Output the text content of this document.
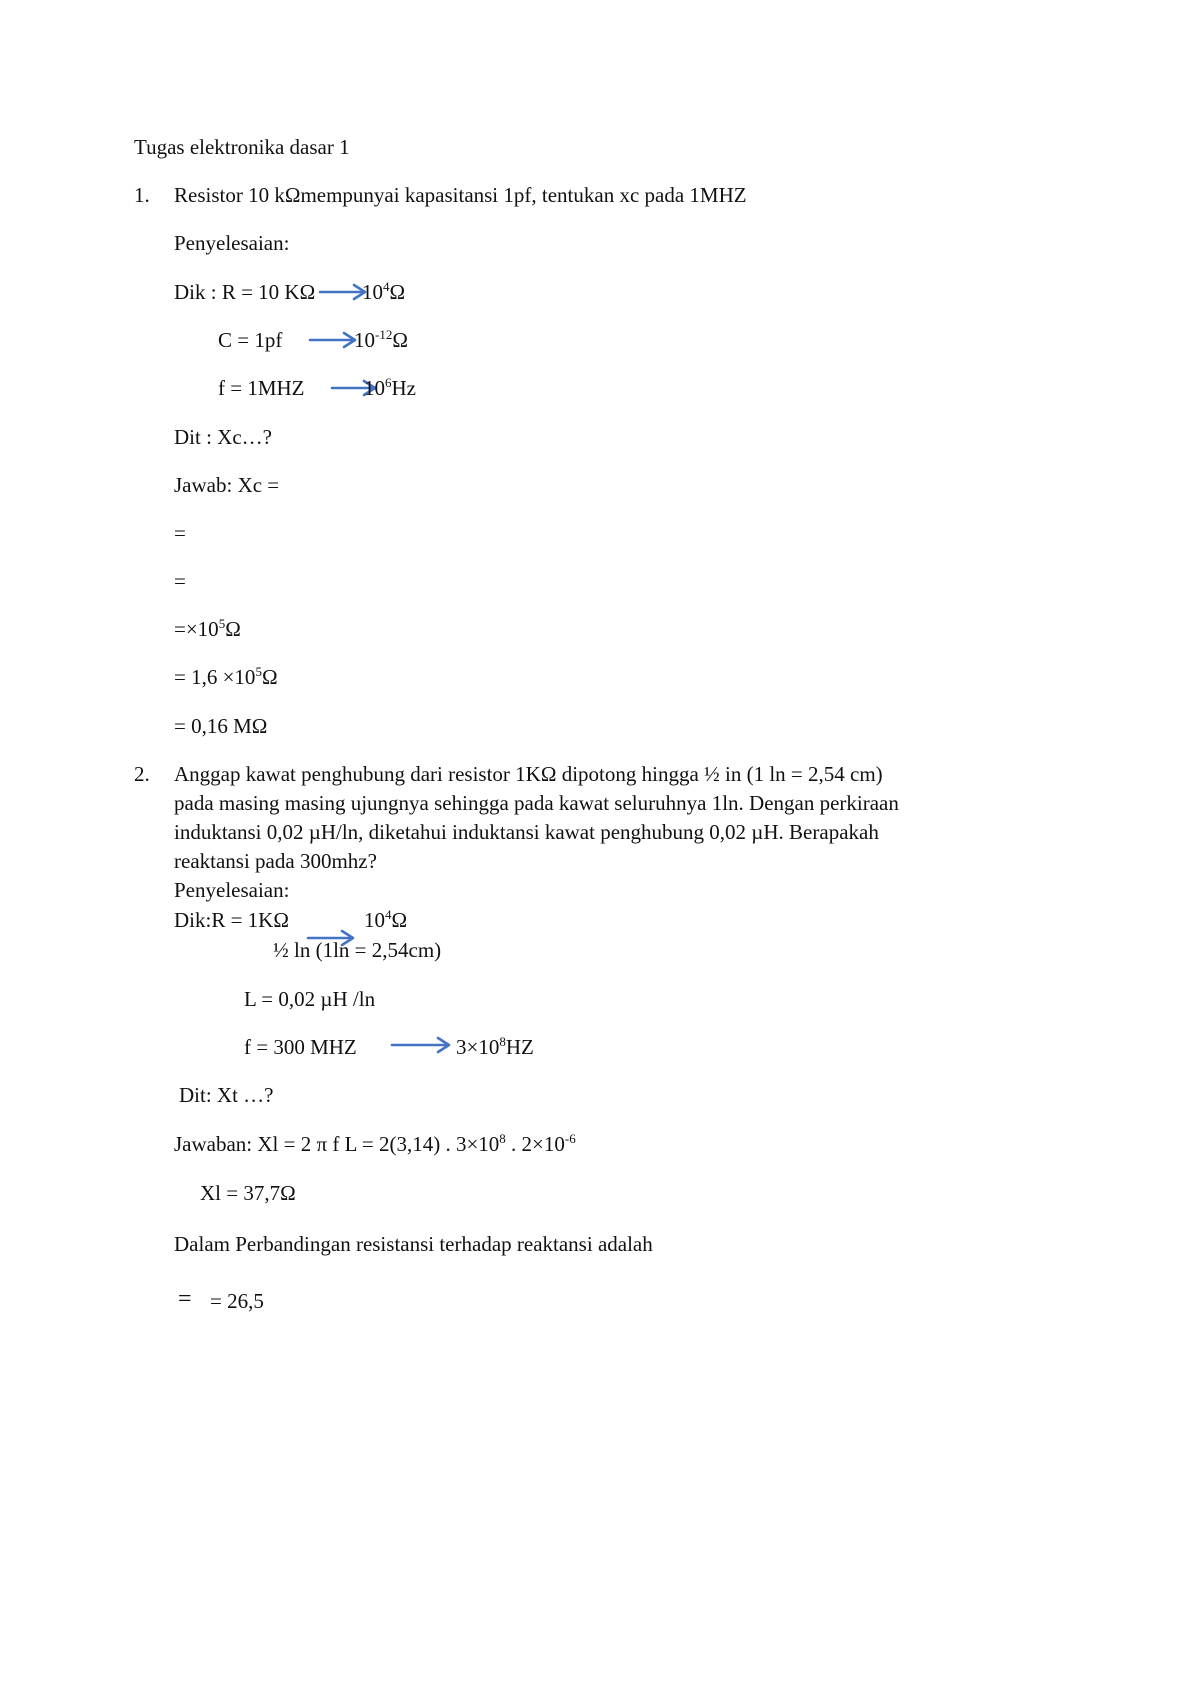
Tugas elektronika dasar 1
1. Resistor 10 kΩmempunyai kapasitansi 1pf, tentukan xc pada 1MHZ
Penyelesaian:
Dik : R = 10 KΩ $10^4\Omega$
C = 1pf	$10^{-12}\Omega$
f = 1MHZ	$10^6Hz$
Dit : Xc…?
Jawab: Xc =
=
=
$=\times 10^5\Omega$
= $1,6 \times 10^5\Omega$
= 0,16 MΩ
2. Anggap kawat penghubung dari resistor 1KΩ dipotong hingga ½ in (1 ln = 2,54 cm)
pada masing masing ujungnya sehingga pada kawat seluruhnya 1ln. Dengan perkiraan
induktansi 0,02 µH/ln, diketahui induktansi kawat penghubung 0,02 µH. Berapakah
reaktansi pada 300mhz?
Penyelesaian:
Dik:R = 1KΩ	$10^4\Omega$
½ ln (1ln = 2,54cm)
L = 0,02 µH /ln
f = 300 MHZ	$3\times 10^8HZ$
Dit: Xt …?
Jawaban: Xl = 2 π f L = 2(3,14) . $3\times 10^8$ . $2\times 10^{-6}$
Xl = 37,7Ω
Dalam Perbandingan resistansi terhadap reaktansi adalah
= = 26,5
